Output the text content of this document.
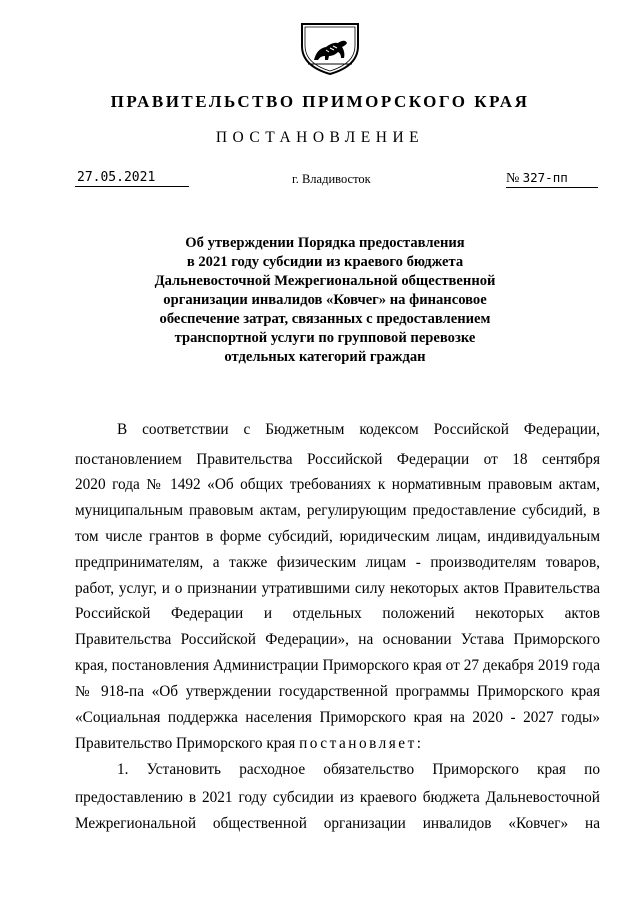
ПРАВИТЕЛЬСТВО ПРИМОРСКОГО КРАЯ
ПОСТАНОВЛЕНИЕ
27.05.2021	г. Владивосток	№ 327-пп
Об утверждении Порядка предоставления
в 2021 году субсидии из краевого бюджета
Дальневосточной Межрегиональной общественной
организации инвалидов «Ковчег» на финансовое
обеспечение затрат, связанных с предоставлением
транспортной услуги по групповой перевозке
отдельных категорий граждан
В соответствии с Бюджетным кодексом Российской Федерации,
постановлением Правительства Российской Федерации от 18 сентября
2020 года № 1492 «Об общих требованиях к нормативным правовым актам,
муниципальным правовым актам, регулирующим предоставление субсидий, в
том числе грантов в форме субсидий, юридическим лицам, индивидуальным
предпринимателям, а также физическим лицам - производителям товаров,
работ, услуг, и о признании утратившими силу некоторых актов Правительства
Российской Федерации и отдельных положений некоторых актов
Правительства Российской Федерации», на основании Устава Приморского
края, постановления Администрации Приморского края от 27 декабря 2019 года
№ 918-па «Об утверждении государственной программы Приморского края
«Социальная поддержка населения Приморского края на 2020 - 2027 годы»
Правительство Приморского края постановляет:
1. Установить расходное обязательство Приморского края по
предоставлению в 2021 году субсидии из краевого бюджета Дальневосточной
Межрегиональной общественной организации инвалидов «Ковчег» на
